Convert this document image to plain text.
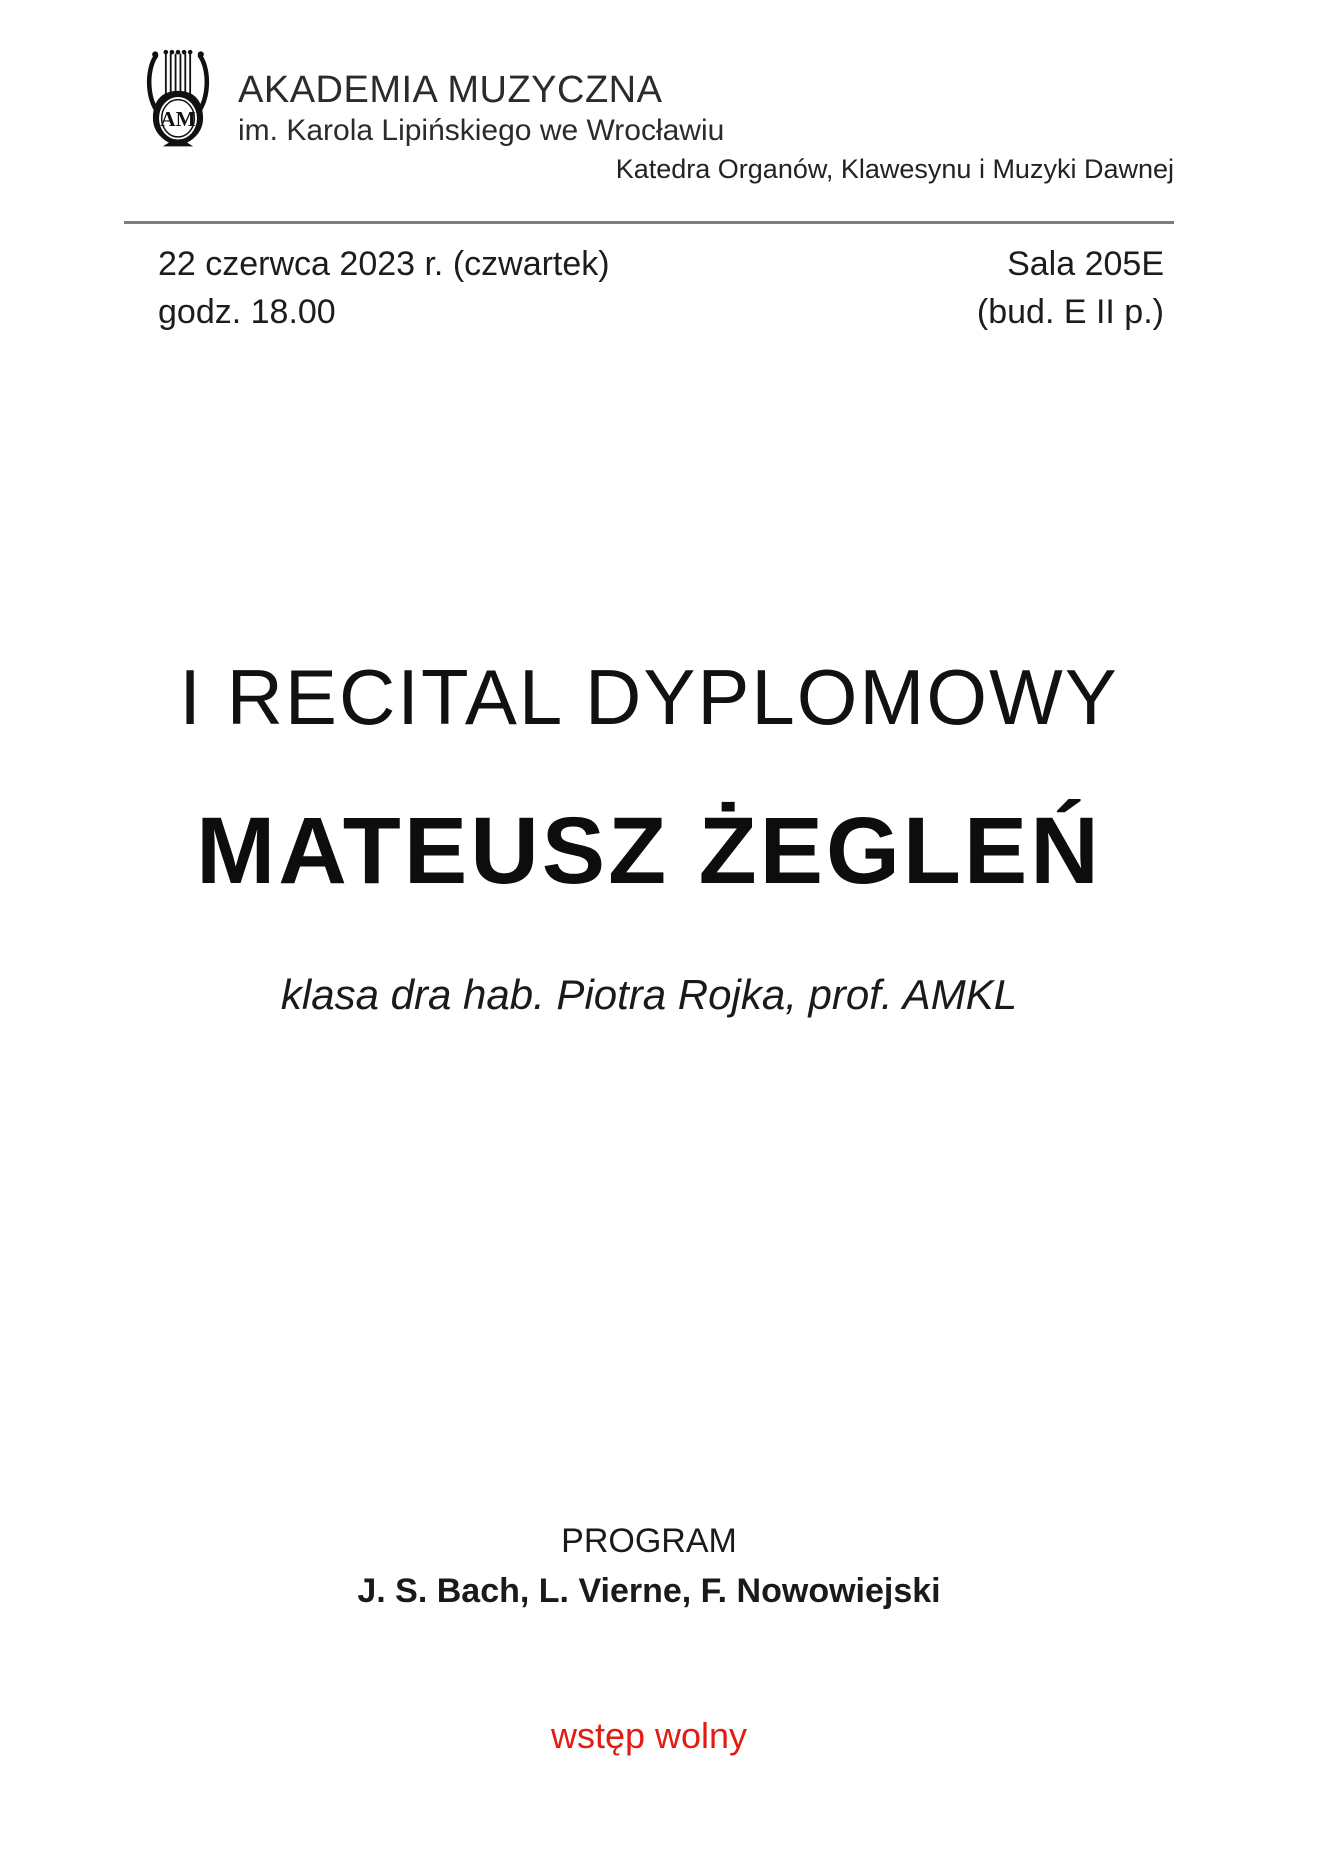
AM
AKADEMIA MUZYCZNA
im. Karola Lipińskiego we Wrocławiu
Katedra Organów, Klawesynu i Muzyki Dawnej
22 czerwca 2023 r. (czwartek)	Sala 205E
godz. 18.00	(bud. E II p.)
I RECITAL DYPLOMOWY
MATEUSZ ŻEGLEŃ
klasa dra hab. Piotra Rojka, prof. AMKL
PROGRAM
J. S. Bach, L. Vierne, F. Nowowiejski
wstęp wolny
